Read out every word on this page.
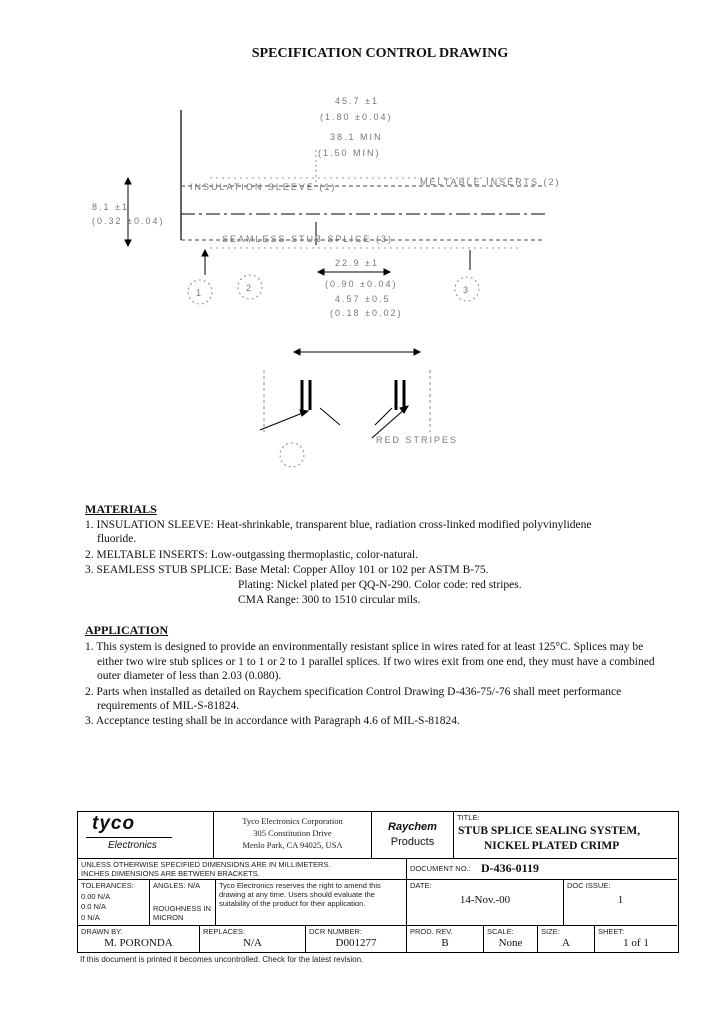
SPECIFICATION CONTROL DRAWING
45.7 ±1
(1.80 ±0.04)
38.1 MIN
(1.50 MIN)
8.1 ±1
(0.32 ±0.04)
22.9 ±1
(0.90 ±0.04)
4.57 ±0.5
(0.18 ±0.02)
INSULATION SLEEVE (1)	MELTABLE INSERTS (2)
SEAMLESS STUB SPLICE (3)
RED STRIPES
1	2	3
MATERIALS
1. INSULATION SLEEVE: Heat-shrinkable, transparent blue, radiation cross-linked modified polyvinylidene
fluoride.
2. MELTABLE INSERTS: Low-outgassing thermoplastic, color-natural.
3. SEAMLESS STUB SPLICE: Base Metal: Copper Alloy 101 or 102 per ASTM B-75.
Plating: Nickel plated per QQ-N-290. Color code: red stripes.
CMA Range: 300 to 1510 circular mils.
APPLICATION
1. This system is designed to provide an environmentally resistant splice in wires rated for at least 125°C. Splices may be
either two wire stub splices or 1 to 1 or 2 to 1 parallel splices. If two wires exit from one end, they must have a combined
outer diameter of less than 2.03 (0.080).
2. Parts when installed as detailed on Raychem specification Control Drawing D-436-75/-76 shall meet performance
requirements of MIL-S-81824.
3. Acceptance testing shall be in accordance with Paragraph 4.6 of MIL-S-81824.
tyco
Electronics
Tyco Electronics Corporation
305 Constitution Drive
Menlo Park, CA 94025, USA
Raychem
Products
TITLE:
STUB SPLICE SEALING SYSTEM,
NICKEL PLATED CRIMP
UNLESS OTHERWISE SPECIFIED DIMENSIONS ARE IN MILLIMETERS.
INCHES DIMENSIONS ARE BETWEEN BRACKETS.
DOCUMENT NO.: D-436-0119
TOLERANCES:
0.00 N/A
0.0 N/A
0 N/A
ANGLES: N/A
ROUGHNESS IN
MICRON
Tyco Electronics reserves the right to amend this drawing at any time. Users should evaluate the suitability of the product for their application.
DATE:
14-Nov.-00
DOC ISSUE:
1
DRAWN BY:
M. PORONDA
REPLACES:
N/A
DCR NUMBER:
D001277
PROD. REV.
B
SCALE:
None
SIZE:
A
SHEET:
1 of 1
If this document is printed it becomes uncontrolled. Check for the latest revision.
